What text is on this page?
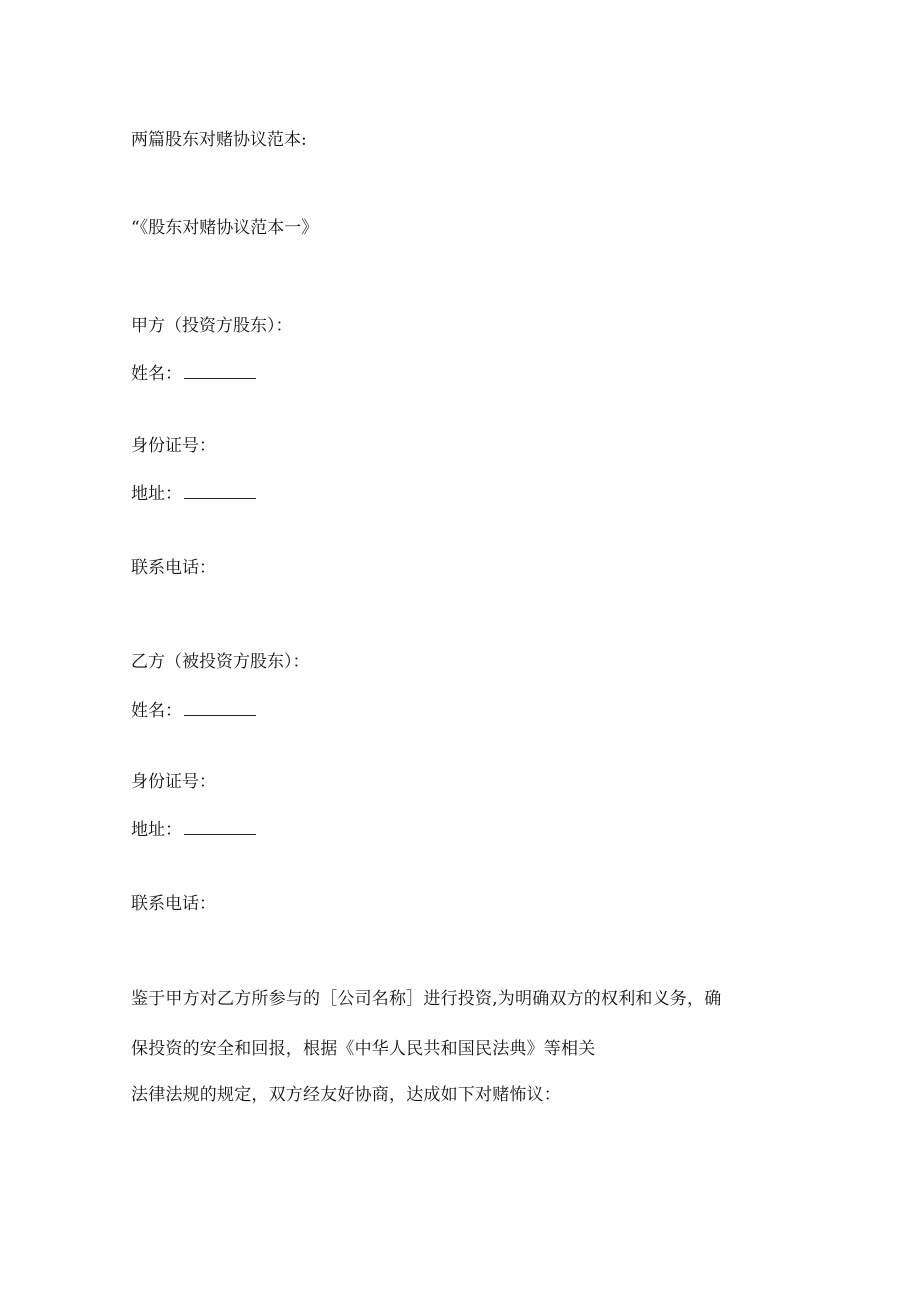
两篇股东对赌协议范本:

“《股东对赌协议范本一》

甲方（投资方股东）：

姓名：

身份证号：

地址：

联系电话：

乙方（被投资方股东）：

姓名：

身份证号：

地址：

联系电话：

鉴于甲方对乙方所参与的［公司名称］进行投资,为明确双方的权利和义务，确

保投资的安全和回报，根据《中华人民共和国民法典》等相关

法律法规的规定，双方经友好协商，达成如下对赌怖议：
